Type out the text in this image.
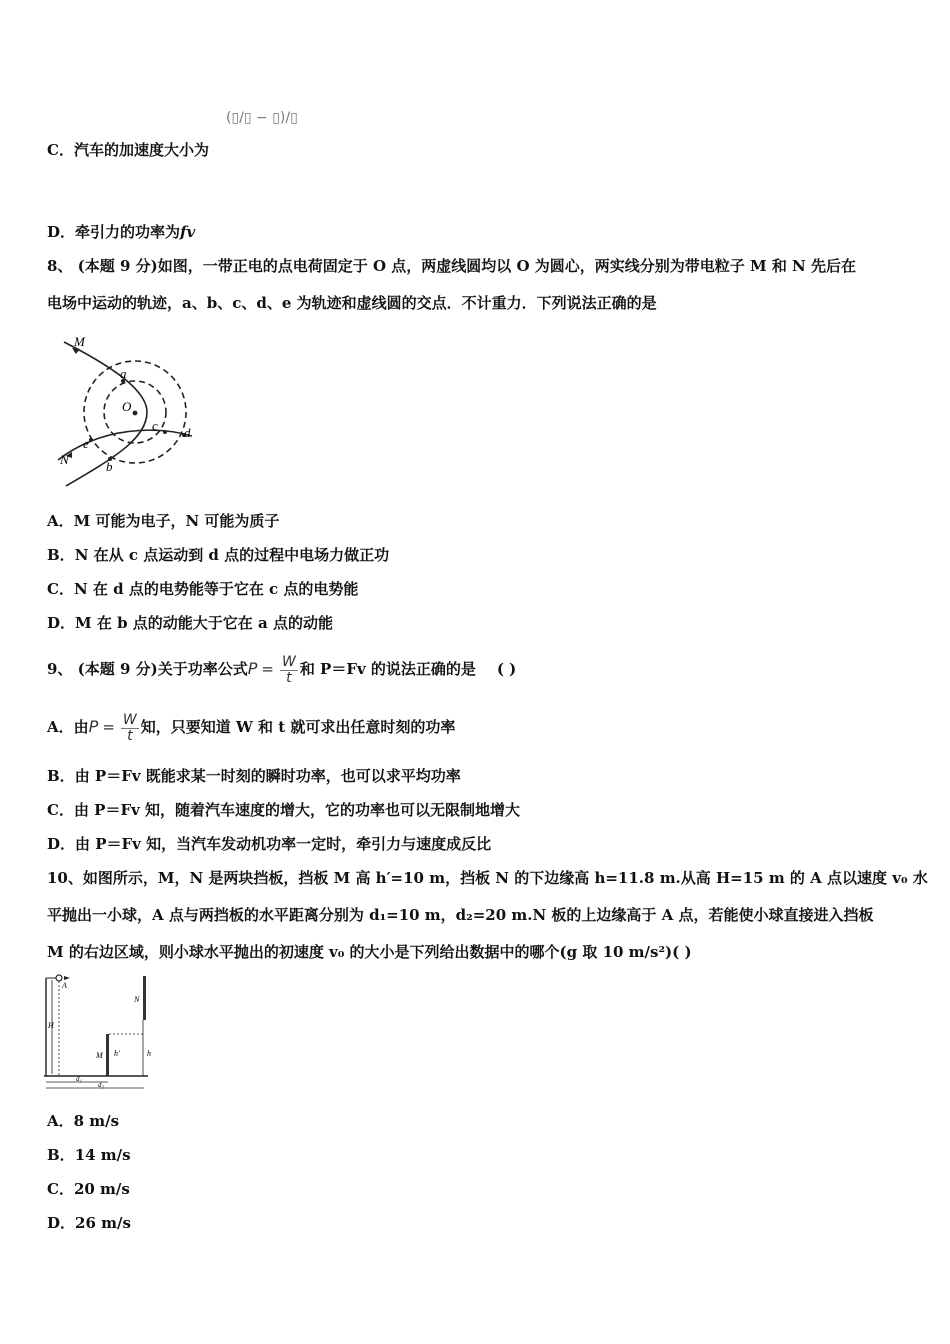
(▯/▯ − ▯)/▯
C．汽车的加速度大小为
D．牵引力的功率为fv
8、 (本题 9 分)如图，一带正电的点电荷固定于 O 点，两虚线圆均以 O 为圆心，两实线分别为带电粒子 M 和 N 先后在
电场中运动的轨迹，a、b、c、d、e 为轨迹和虚线圆的交点．不计重力．下列说法正确的是
M
N
O
a
b
c d
e
A．M 可能为电子，N 可能为质子
B．N 在从 c 点运动到 d 点的过程中电场力做正功
C．N 在 d 点的电势能等于它在 c 点的电势能
D．M 在 b 点的动能大于它在 a 点的动能
9、 (本题 9 分)关于功率公式$P = \frac{W}{t}$ 和 P＝Fv 的说法正确的是 ( )
A．由$P = \frac{W}{t}$ 知，只要知道 W 和 t 就可求出任意时刻的功率
B．由 P＝Fv 既能求某一时刻的瞬时功率，也可以求平均功率
C．由 P＝Fv 知，随着汽车速度的增大，它的功率也可以无限制地增大
D．由 P＝Fv 知，当汽车发动机功率一定时，牵引力与速度成反比
10、如图所示，M，N 是两块挡板，挡板 M 高 h′=10 m，挡板 N 的下边缘高 h=11.8 m.从高 H=15 m 的 A 点以速度 v₀ 水
平抛出一小球，A 点与两挡板的水平距离分别为 d₁=10 m，d₂=20 m.N 板的上边缘高于 A 点，若能使小球直接进入挡板
M 的右边区域，则小球水平抛出的初速度 v₀ 的大小是下列给出数据中的哪个(g 取 10 m/s²)( )
A
H
M
N
h′	h
d₁
d₂
A．8 m/s
B．14 m/s
C．20 m/s
D．26 m/s
